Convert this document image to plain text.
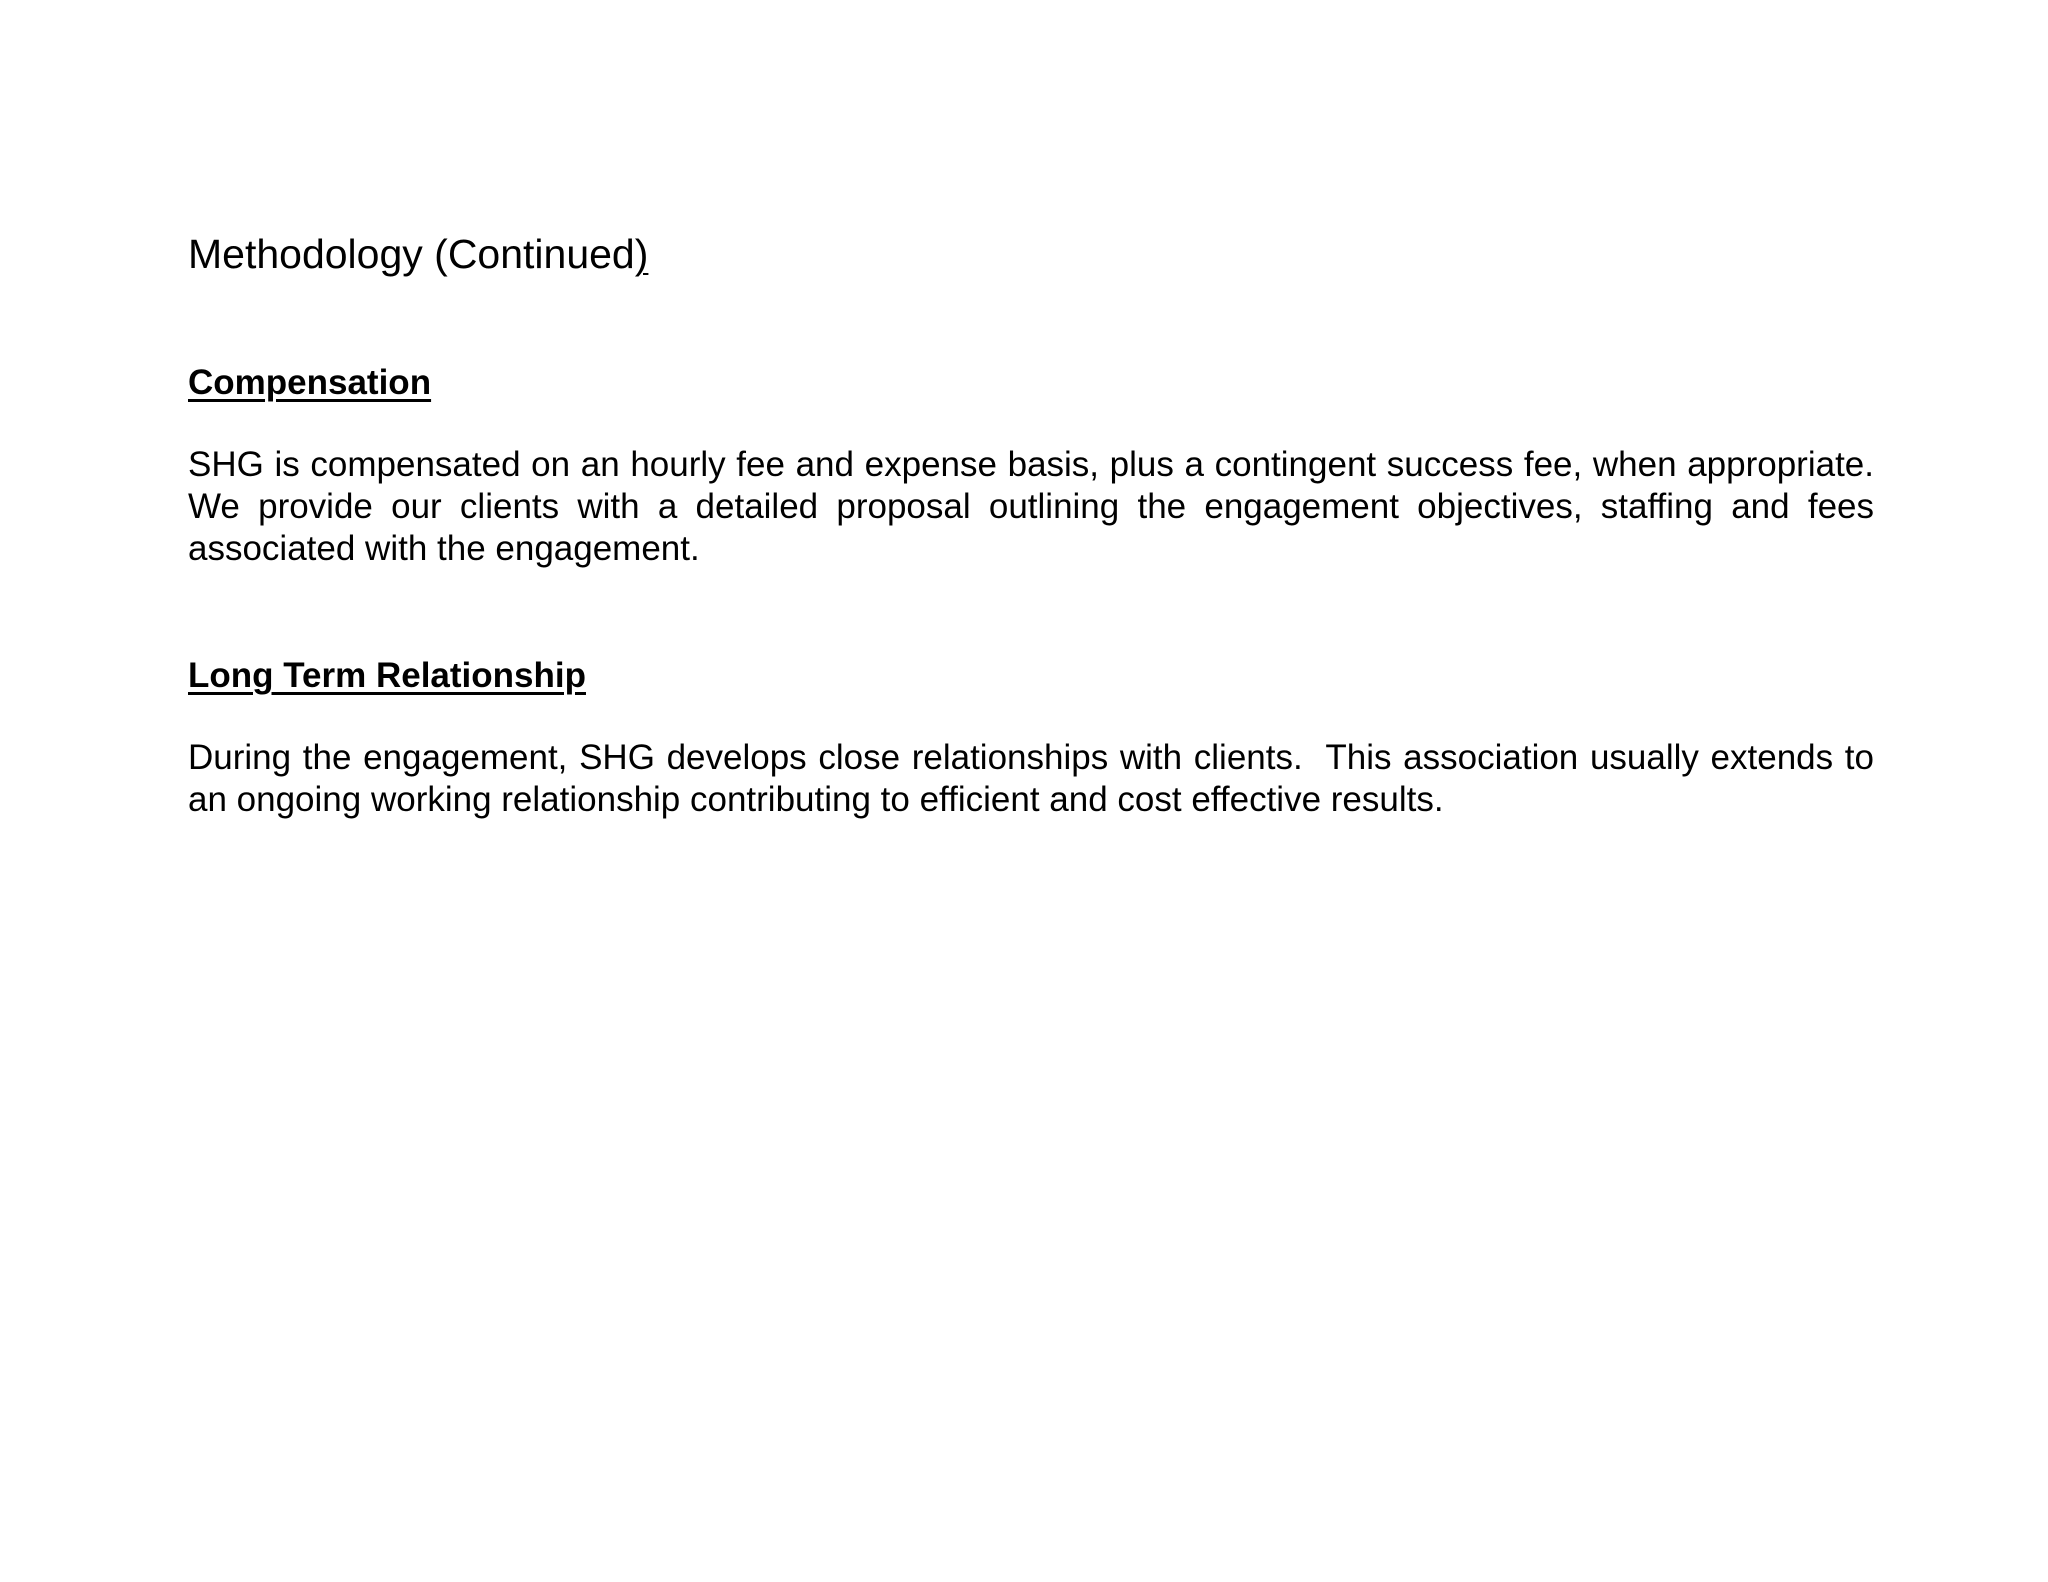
Methodology (Continued)
Compensation

SHG is compensated on an hourly fee and expense basis, plus a contingent success fee, when appropriate.  We provide our clients with a detailed proposal outlining the engagement objectives, staffing and fees associated with the engagement.

Long Term Relationship

During the engagement, SHG develops close relationships with clients.  This association usually extends to an ongoing working relationship contributing to efficient and cost effective results.
